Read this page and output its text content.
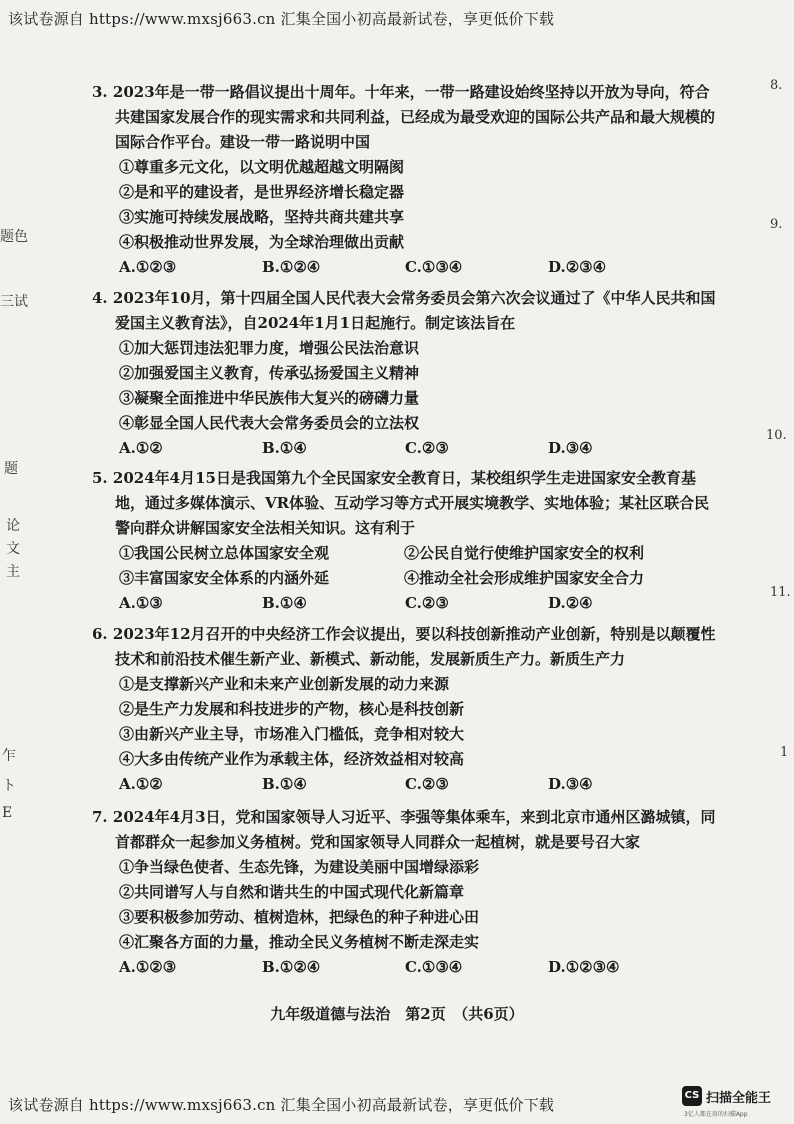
该试卷源自 https://www.mxsj663.cn 汇集全国小初高最新试卷，享更低价下载
题色
三试
题
论
文
主
乍
ト
E
8.
9.
10.
11.
1

3. 2023年是一带一路倡议提出十周年。十年来，一带一路建设始终坚持以开放为导向，符合共建国家发展合作的现实需求和共同利益，已经成为最受欢迎的国际公共产品和最大规模的国际合作平台。建设一带一路说明中国

①尊重多元文化，以文明优越超越文明隔阂
②是和平的建设者，是世界经济增长稳定器
③实施可持续发展战略，坚持共商共建共享
④积极推动世界发展，为全球治理做出贡献
A.①②③	B.①②④	C.①③④	D.②③④

4. 2023年10月，第十四届全国人民代表大会常务委员会第六次会议通过了《中华人民共和国爱国主义教育法》，自2024年1月1日起施行。制定该法旨在

①加大惩罚违法犯罪力度，增强公民法治意识
②加强爱国主义教育，传承弘扬爱国主义精神
③凝聚全面推进中华民族伟大复兴的磅礴力量
④彰显全国人民代表大会常务委员会的立法权
A.①②	B.①④	C.②③	D.③④

5. 2024年4月15日是我国第九个全民国家安全教育日，某校组织学生走进国家安全教育基地，通过多媒体演示、VR体验、互动学习等方式开展实境教学、实地体验；某社区联合民警向群众讲解国家安全法相关知识。这有利于

①我国公民树立总体国家安全观	②公民自觉行使维护国家安全的权利
③丰富国家安全体系的内涵外延	④推动全社会形成维护国家安全合力
A.①③	B.①④	C.②③	D.②④

6. 2023年12月召开的中央经济工作会议提出，要以科技创新推动产业创新，特别是以颠覆性技术和前沿技术催生新产业、新模式、新动能，发展新质生产力。新质生产力

①是支撑新兴产业和未来产业创新发展的动力来源
②是生产力发展和科技进步的产物，核心是科技创新
③由新兴产业主导，市场准入门槛低，竞争相对较大
④大多由传统产业作为承载主体，经济效益相对较高
A.①②	B.①④	C.②③	D.③④

7. 2024年4月3日，党和国家领导人习近平、李强等集体乘车，来到北京市通州区潞城镇，同首都群众一起参加义务植树。党和国家领导人同群众一起植树，就是要号召大家

①争当绿色使者、生态先锋，为建设美丽中国增绿添彩
②共同谱写人与自然和谐共生的中国式现代化新篇章
③要积极参加劳动、植树造林，把绿色的种子种进心田
④汇聚各方面的力量，推动全民义务植树不断走深走实
A.①②③	B.①②④	C.①③④	D.①②③④
九年级道德与法治　第2页　（共6页）
该试卷源自 https://www.mxsj663.cn 汇集全国小初高最新试卷，享更低价下载
CS 扫描全能王
3亿人都在用的扫描App
